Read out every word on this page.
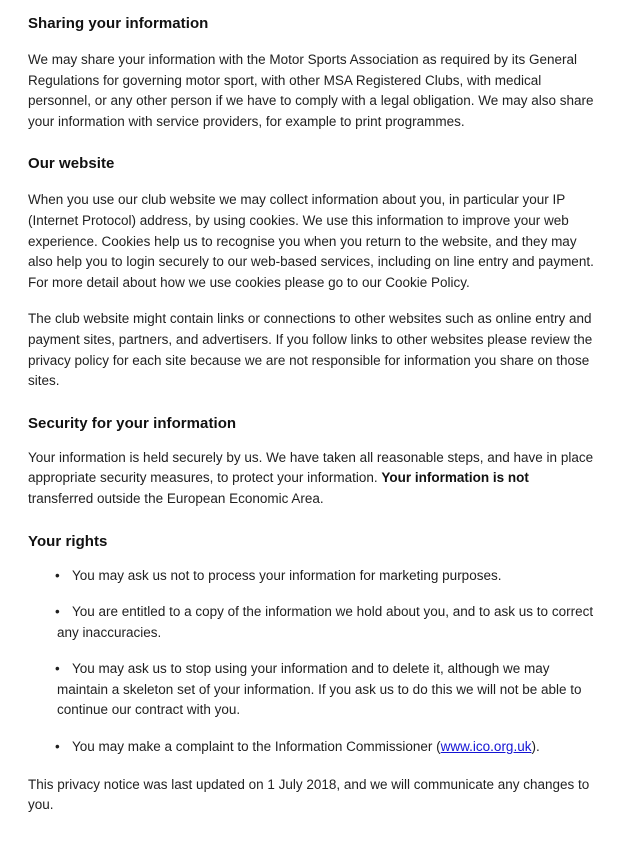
Sharing your information

We may share your information with the Motor Sports Association as required by its General Regulations for governing motor sport, with other MSA Registered Clubs, with medical personnel, or any other person if we have to comply with a legal obligation. We may also share your information with service providers, for example to print programmes.

Our website

When you use our club website we may collect information about you, in particular your IP (Internet Protocol) address, by using cookies. We use this information to improve your web experience. Cookies help us to recognise you when you return to the website, and they may also help you to login securely to our web-based services, including on line entry and payment. For more detail about how we use cookies please go to our Cookie Policy.

The club website might contain links or connections to other websites such as online entry and payment sites, partners, and advertisers. If you follow links to other websites please review the privacy policy for each site because we are not responsible for information you share on those sites.

Security for your information

Your information is held securely by us. We have taken all reasonable steps, and have in place appropriate security measures, to protect your information. Your information is not transferred outside the European Economic Area.

Your rights
• You may ask us not to process your information for marketing purposes.
• You are entitled to a copy of the information we hold about you, and to ask us to correct any inaccuracies.
• You may ask us to stop using your information and to delete it, although we may maintain a skeleton set of your information. If you ask us to do this we will not be able to continue our contract with you.
• You may make a complaint to the Information Commissioner (www.ico.org.uk).

This privacy notice was last updated on 1 July 2018, and we will communicate any changes to you.
